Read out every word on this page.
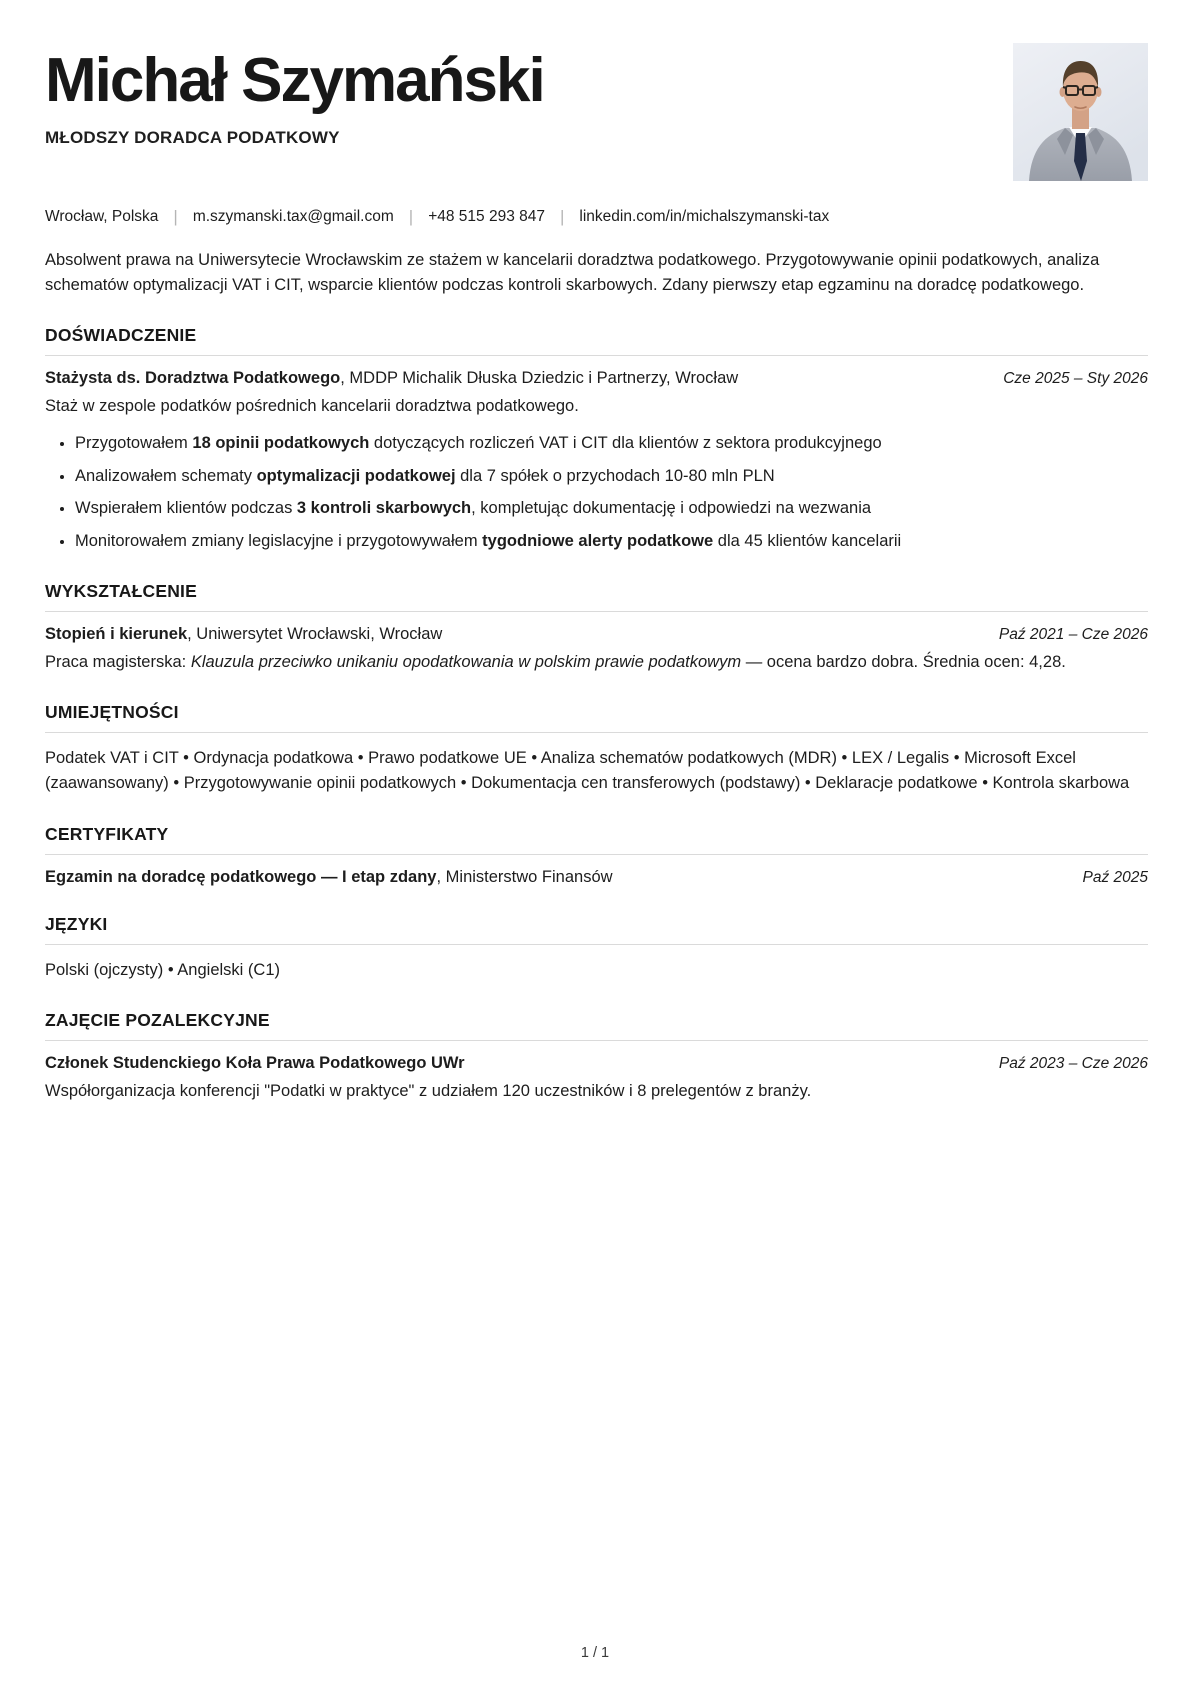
Michał Szymański
MŁODSZY DORADCA PODATKOWY
Wrocław, Polska | m.szymanski.tax@gmail.com | +48 515 293 847 | linkedin.com/in/michalszymanski-tax

Absolwent prawa na Uniwersytecie Wrocławskim ze stażem w kancelarii doradztwa podatkowego. Przygotowywanie opinii podatkowych, analiza schematów optymalizacji VAT i CIT, wsparcie klientów podczas kontroli skarbowych. Zdany pierwszy etap egzaminu na doradcę podatkowego.

DOŚWIADCZENIE
Stażysta ds. Doradztwa Podatkowego, MDDP Michalik Dłuska Dziedzic i Partnerzy, Wrocław	Cze 2025 – Sty 2026
Staż w zespole podatków pośrednich kancelarii doradztwa podatkowego.
• Przygotowałem 18 opinii podatkowych dotyczących rozliczeń VAT i CIT dla klientów z sektora produkcyjnego
• Analizowałem schematy optymalizacji podatkowej dla 7 spółek o przychodach 10-80 mln PLN
• Wspierałem klientów podczas 3 kontroli skarbowych, kompletując dokumentację i odpowiedzi na wezwania
• Monitorowałem zmiany legislacyjne i przygotowywałem tygodniowe alerty podatkowe dla 45 klientów kancelarii
WYKSZTAŁCENIE
Stopień i kierunek, Uniwersytet Wrocławski, Wrocław	Paź 2021 – Cze 2026
Praca magisterska: Klauzula przeciwko unikaniu opodatkowania w polskim prawie podatkowym — ocena bardzo dobra. Średnia ocen: 4,28.
UMIEJĘTNOŚCI

Podatek VAT i CIT • Ordynacja podatkowa • Prawo podatkowe UE • Analiza schematów podatkowych (MDR) • LEX / Legalis • Microsoft Excel (zaawansowany) • Przygotowywanie opinii podatkowych • Dokumentacja cen transferowych (podstawy) • Deklaracje podatkowe • Kontrola skarbowa

CERTYFIKATY
Egzamin na doradcę podatkowego — I etap zdany, Ministerstwo Finansów	Paź 2025
JĘZYKI

Polski (ojczysty) • Angielski (C1)

ZAJĘCIE POZALEKCYJNE
Członek Studenckiego Koła Prawa Podatkowego UWr	Paź 2023 – Cze 2026
Współorganizacja konferencji "Podatki w praktyce" z udziałem 120 uczestników i 8 prelegentów z branży.
1 / 1
